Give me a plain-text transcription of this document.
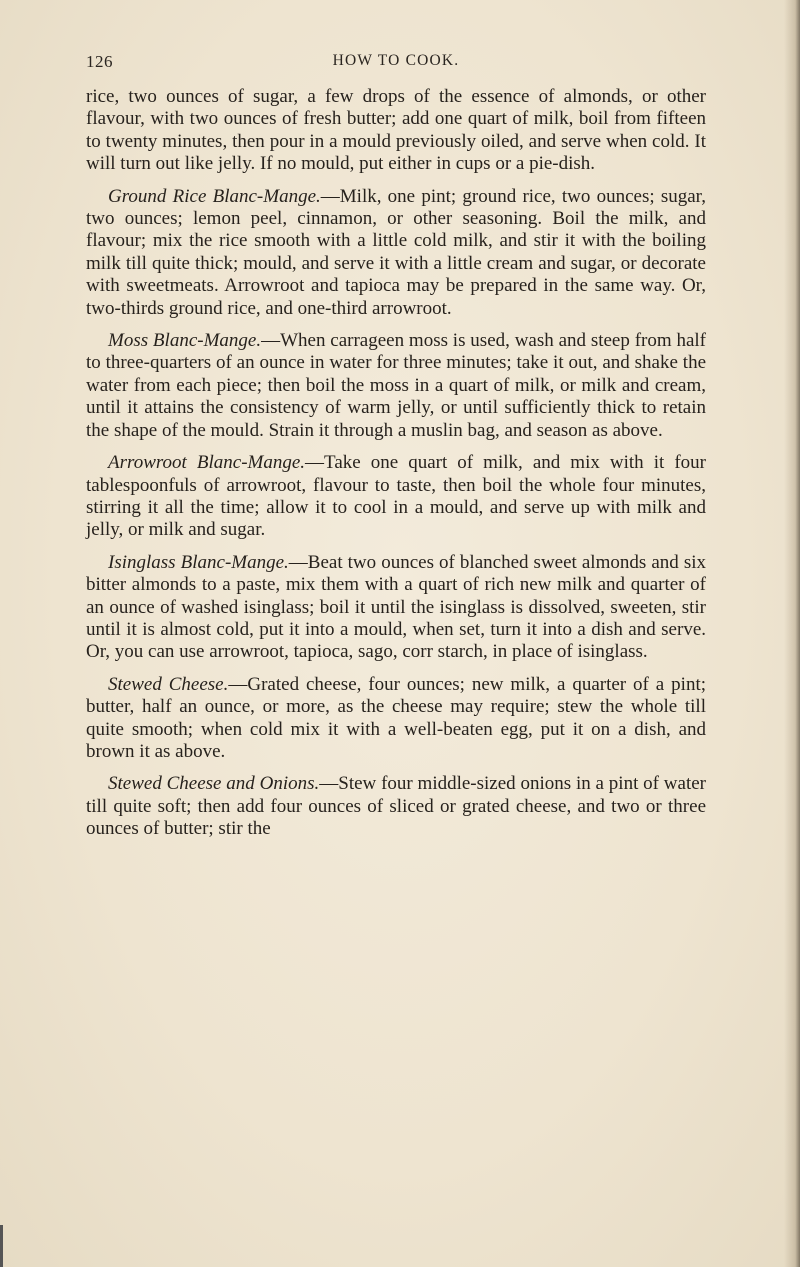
126	HOW TO COOK.

rice, two ounces of sugar, a few drops of the essence of almonds, or other flavour, with two ounces of fresh butter; add one quart of milk, boil from fifteen to twenty minutes, then pour in a mould previously oiled, and serve when cold. It will turn out like jelly. If no mould, put either in cups or a pie-dish.

Ground Rice Blanc-Mange.—Milk, one pint; ground rice, two ounces; sugar, two ounces; lemon peel, cinnamon, or other seasoning. Boil the milk, and flavour; mix the rice smooth with a little cold milk, and stir it with the boiling milk till quite thick; mould, and serve it with a little cream and sugar, or decorate with sweetmeats. Arrowroot and tapioca may be prepared in the same way. Or, two-thirds ground rice, and one-third arrowroot.

Moss Blanc-Mange.—When carrageen moss is used, wash and steep from half to three-quarters of an ounce in water for three minutes; take it out, and shake the water from each piece; then boil the moss in a quart of milk, or milk and cream, until it attains the consistency of warm jelly, or until sufficiently thick to retain the shape of the mould. Strain it through a muslin bag, and season as above.

Arrowroot Blanc-Mange.—Take one quart of milk, and mix with it four tablespoonfuls of arrowroot, flavour to taste, then boil the whole four minutes, stirring it all the time; allow it to cool in a mould, and serve up with milk and jelly, or milk and sugar.

Isinglass Blanc-Mange.—Beat two ounces of blanched sweet almonds and six bitter almonds to a paste, mix them with a quart of rich new milk and quarter of an ounce of washed isinglass; boil it until the isinglass is dissolved, sweeten, stir until it is almost cold, put it into a mould, when set, turn it into a dish and serve. Or, you can use arrowroot, tapioca, sago, corr starch, in place of isinglass.

Stewed Cheese.—Grated cheese, four ounces; new milk, a quarter of a pint; butter, half an ounce, or more, as the cheese may require; stew the whole till quite smooth; when cold mix it with a well-beaten egg, put it on a dish, and brown it as above.

Stewed Cheese and Onions.—Stew four middle-sized onions in a pint of water till quite soft; then add four ounces of sliced or grated cheese, and two or three ounces of butter; stir the
